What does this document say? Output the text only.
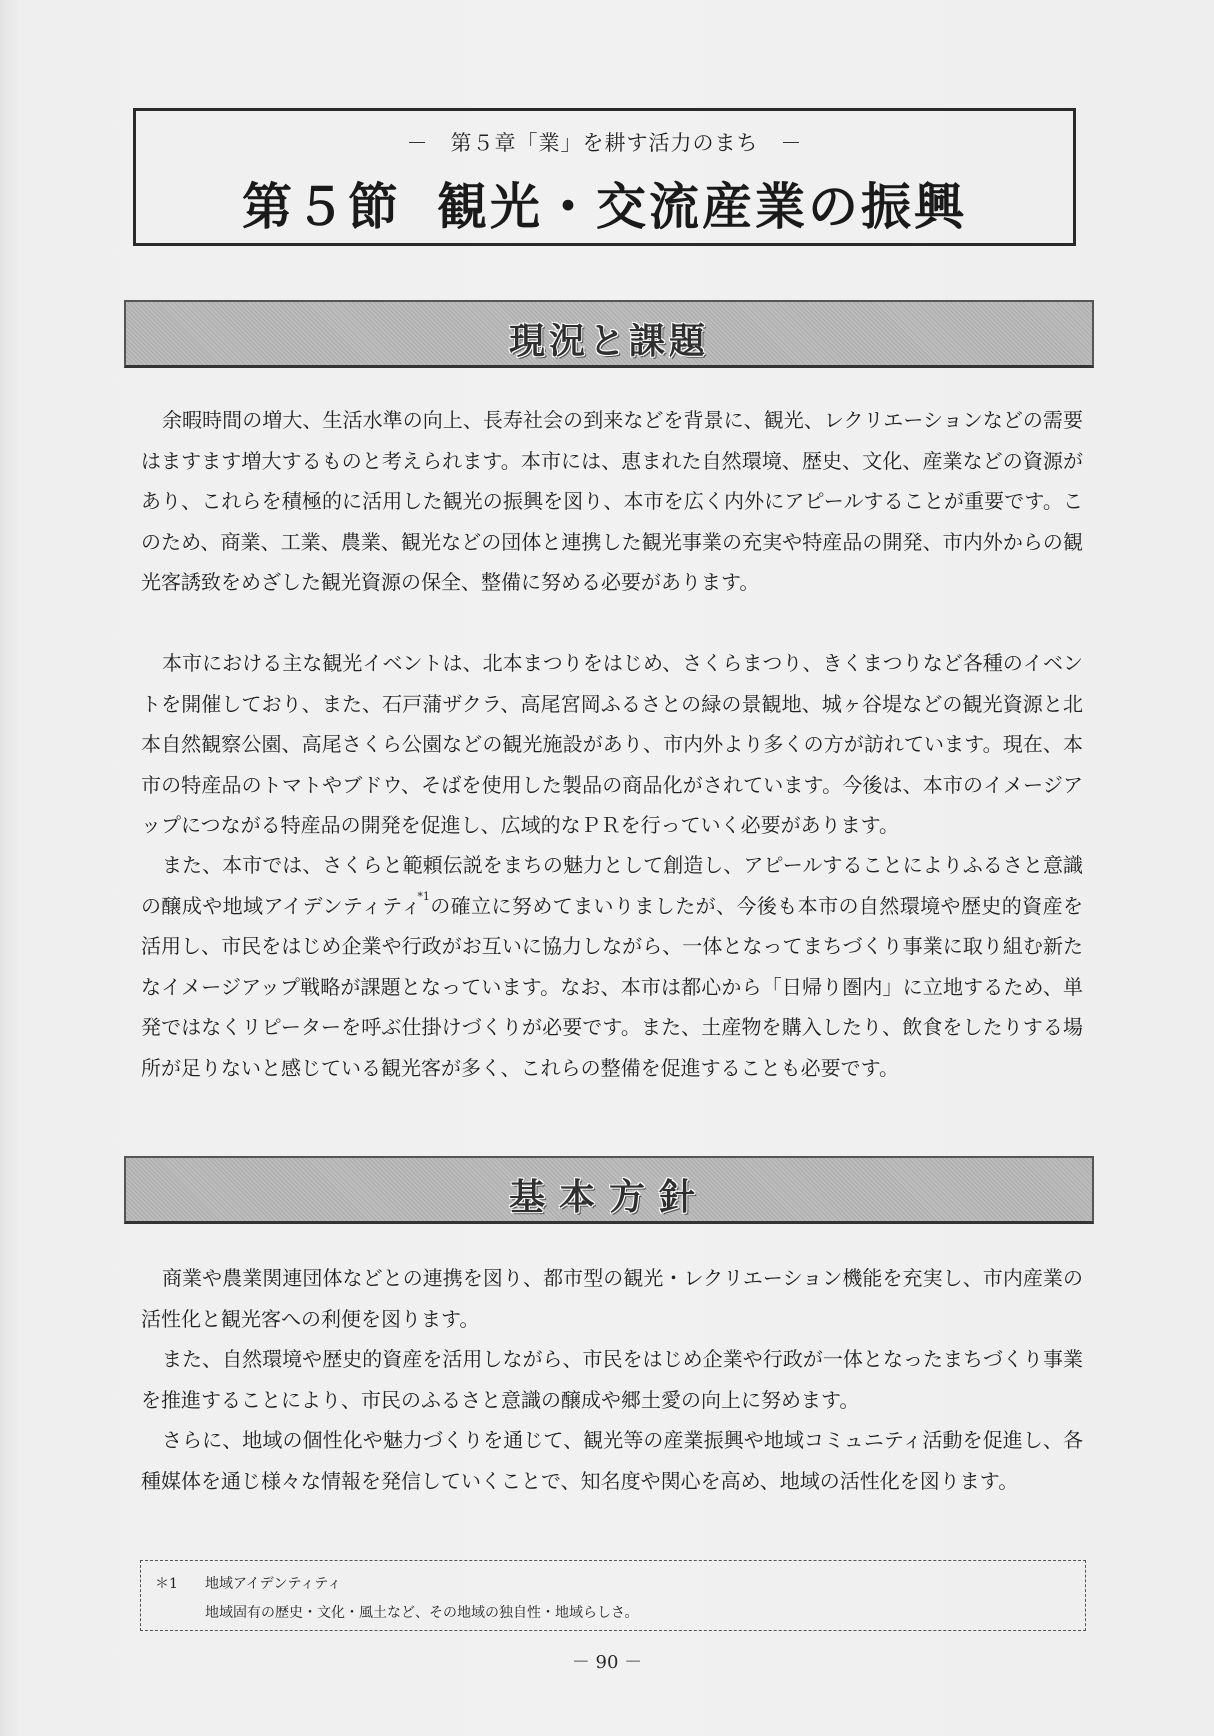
－　第５章「業」を耕す活力のまち　－
第５節 観光・交流産業の振興
現況と課題

余暇時間の増大、生活水準の向上、長寿社会の到来などを背景に、観光、レクリエーションなどの需要はますます増大するものと考えられます。本市には、恵まれた自然環境、歴史、文化、産業などの資源があり、これらを積極的に活用した観光の振興を図り、本市を広く内外にアピールすることが重要です。このため、商業、工業、農業、観光などの団体と連携した観光事業の充実や特産品の開発、市内外からの観光客誘致をめざした観光資源の保全、整備に努める必要があります。

本市における主な観光イベントは、北本まつりをはじめ、さくらまつり、きくまつりなど各種のイベントを開催しており、また、石戸蒲ザクラ、高尾宮岡ふるさとの緑の景観地、城ヶ谷堤などの観光資源と北本自然観察公園、高尾さくら公園などの観光施設があり、市内外より多くの方が訪れています。現在、本市の特産品のトマトやブドウ、そばを使用した製品の商品化がされています。今後は、本市のイメージアップにつながる特産品の開発を促進し、広域的なＰＲを行っていく必要があります。

また、本市では、さくらと範頼伝説をまちの魅力として創造し、アピールすることによりふるさと意識の醸成や地域アイデンティティ$^{*1}$の確立に努めてまいりましたが、今後も本市の自然環境や歴史的資産を活用し、市民をはじめ企業や行政がお互いに協力しながら、一体となってまちづくり事業に取り組む新たなイメージアップ戦略が課題となっています。なお、本市は都心から「日帰り圏内」に立地するため、単発ではなくリピーターを呼ぶ仕掛けづくりが必要です。また、土産物を購入したり、飲食をしたりする場所が足りないと感じている観光客が多く、これらの整備を促進することも必要です。

基本方針

商業や農業関連団体などとの連携を図り、都市型の観光・レクリエーション機能を充実し、市内産業の活性化と観光客への利便を図ります。

また、自然環境や歴史的資産を活用しながら、市民をはじめ企業や行政が一体となったまちづくり事業を推進することにより、市民のふるさと意識の醸成や郷土愛の向上に努めます。

さらに、地域の個性化や魅力づくりを通じて、観光等の産業振興や地域コミュニティ活動を促進し、各種媒体を通じ様々な情報を発信していくことで、知名度や関心を高め、地域の活性化を図ります。

＊1 地域アイデンティティ
地域固有の歴史・文化・風土など、その地域の独自性・地域らしさ。
－ 90 －
